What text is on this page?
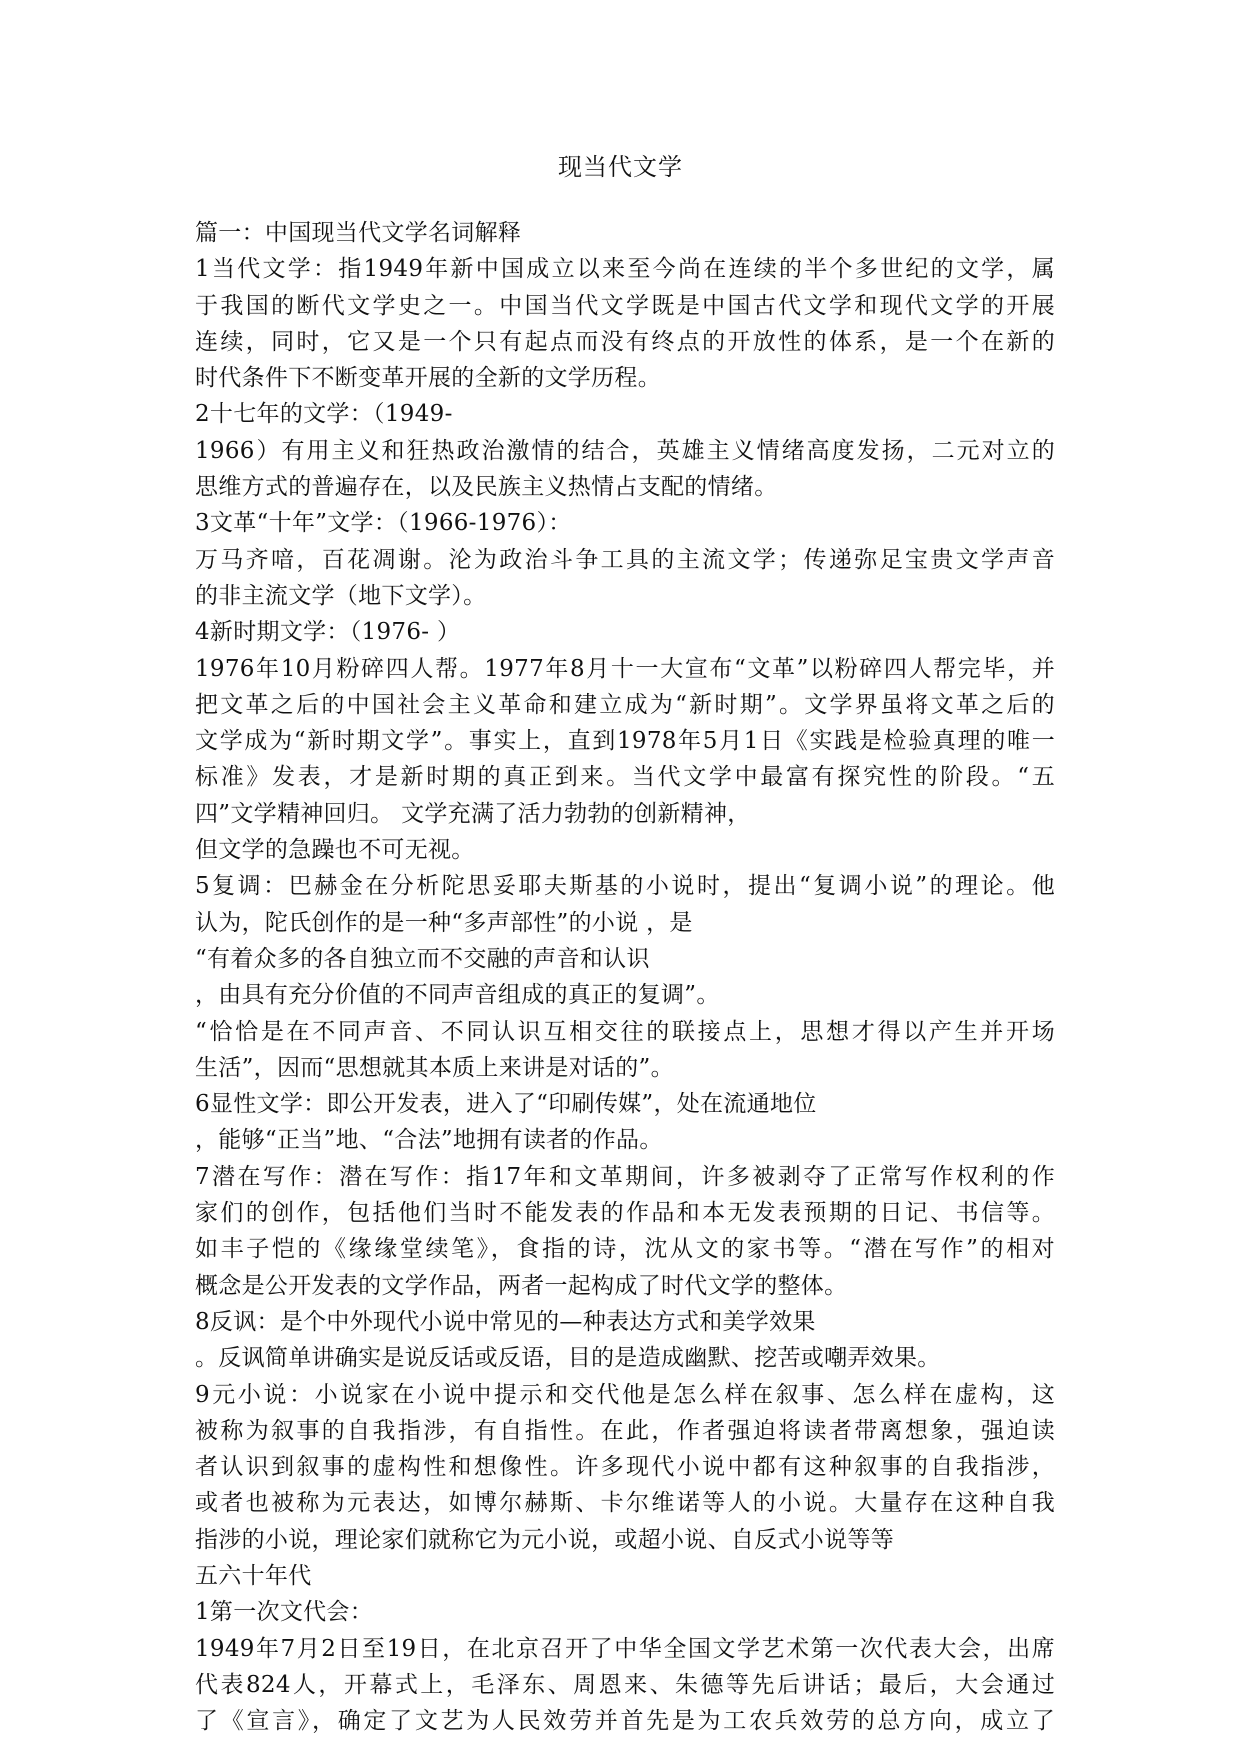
现当代文学
篇一：中国现当代文学名词解释
1当代文学：指1949年新中国成立以来至今尚在连续的半个多世纪的文学，属
于我国的断代文学史之一。中国当代文学既是中国古代文学和现代文学的开展
连续，同时，它又是一个只有起点而没有终点的开放性的体系，是一个在新的
时代条件下不断变革开展的全新的文学历程。
2十七年的文学：（1949-
1966）有用主义和狂热政治激情的结合，英雄主义情绪高度发扬，二元对立的
思维方式的普遍存在，以及民族主义热情占支配的情绪。
3文革“十年”文学：（1966-1976）：
万马齐喑，百花凋谢。沦为政治斗争工具的主流文学；传递弥足宝贵文学声音
的非主流文学（地下文学）。
4新时期文学：（1976- ）
1976年10月粉碎四人帮。1977年8月十一大宣布“文革”以粉碎四人帮完毕，并
把文革之后的中国社会主义革命和建立成为“新时期”。文学界虽将文革之后的
文学成为“新时期文学”。事实上，直到1978年5月1日《实践是检验真理的唯一
标准》发表，才是新时期的真正到来。当代文学中最富有探究性的阶段。“五
四”文学精神回归。 文学充满了活力勃勃的创新精神，
但文学的急躁也不可无视。
5复调：巴赫金在分析陀思妥耶夫斯基的小说时，提出“复调小说”的理论。他
认为，陀氏创作的是一种“多声部性”的小说 ，是
“有着众多的各自独立而不交融的声音和认识
，由具有充分价值的不同声音组成的真正的复调”。
“恰恰是在不同声音、不同认识互相交往的联接点上，思想才得以产生并开场
生活”，因而“思想就其本质上来讲是对话的”。
6显性文学：即公开发表，进入了“印刷传媒”，处在流通地位
，能够“正当”地、“合法”地拥有读者的作品。
7潜在写作：潜在写作：指17年和文革期间，许多被剥夺了正常写作权利的作
家们的创作，包括他们当时不能发表的作品和本无发表预期的日记、书信等。
如丰子恺的《缘缘堂续笔》，食指的诗，沈从文的家书等。“潜在写作”的相对
概念是公开发表的文学作品，两者一起构成了时代文学的整体。
8反讽：是个中外现代小说中常见的—种表达方式和美学效果
。反讽简单讲确实是说反话或反语，目的是造成幽默、挖苦或嘲弄效果。
9元小说：小说家在小说中提示和交代他是怎么样在叙事、怎么样在虚构，这
被称为叙事的自我指涉，有自指性。在此，作者强迫将读者带离想象，强迫读
者认识到叙事的虚构性和想像性。许多现代小说中都有这种叙事的自我指涉，
或者也被称为元表达，如博尔赫斯、卡尔维诺等人的小说。大量存在这种自我
指涉的小说，理论家们就称它为元小说，或超小说、自反式小说等等
五六十年代
1第一次文代会：
1949年7月2日至19日，在北京召开了中华全国文学艺术第一次代表大会，出席
代表824人，开幕式上，毛泽东、周恩来、朱德等先后讲话；最后，大会通过
了《宣言》，确定了文艺为人民效劳并首先是为工农兵效劳的总方向，成立了
